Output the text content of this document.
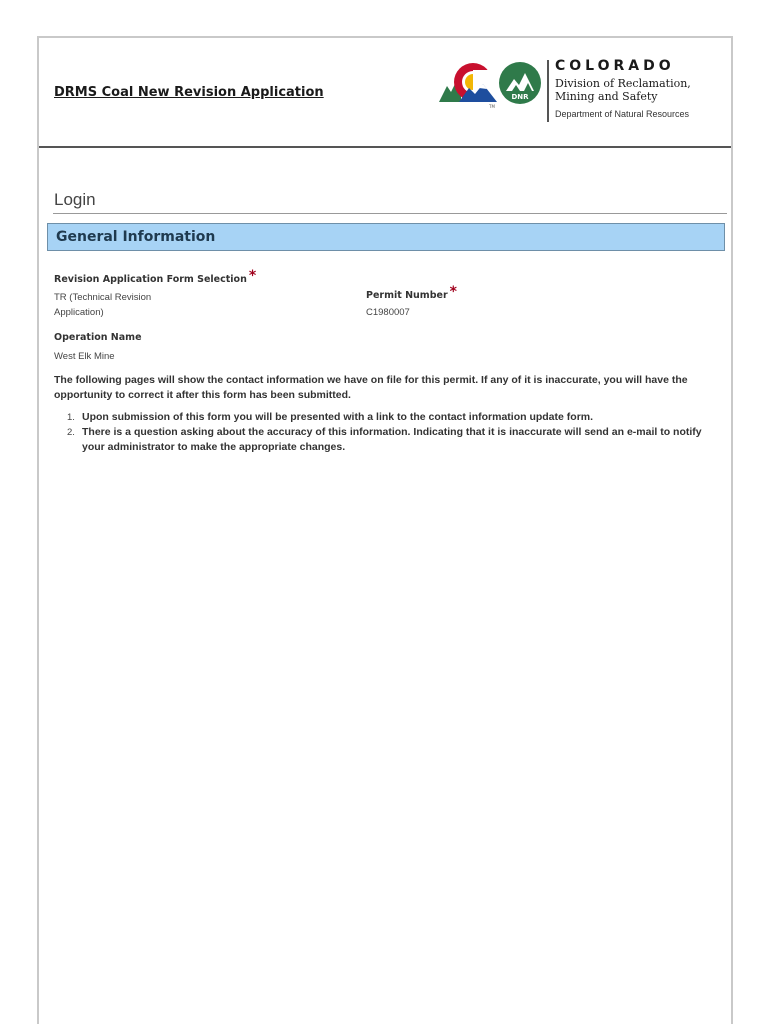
DRMS Coal New Revision Application
TM
DNR
COLORADO
Division of Reclamation,
Mining and Safety
Department of Natural Resources
Login
General Information
Revision Application Form Selection *
TR (Technical Revision
Application)
Permit Number *
C1980007
Operation Name
West Elk Mine
The following pages will show the contact information we have on file for this permit. If any of it is inaccurate, you will have the opportunity to correct it after this form has been submitted.
1. Upon submission of this form you will be presented with a link to the contact information update form.
2. There is a question asking about the accuracy of this information. Indicating that it is inaccurate will send an e-mail to notify your administrator to make the appropriate changes.
